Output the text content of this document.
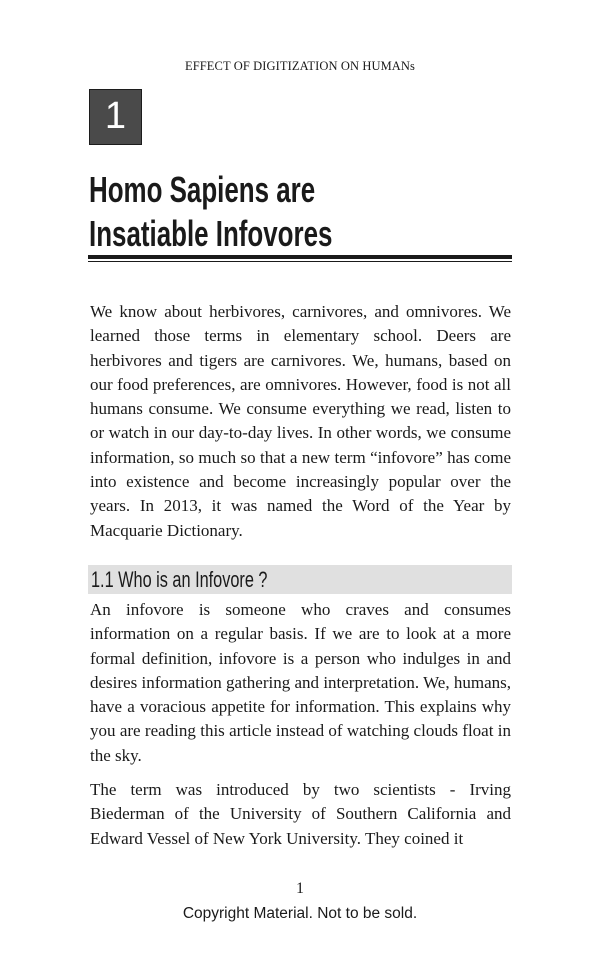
EFFECT OF DIGITIZATION ON HUMANs
1
Homo Sapiens are
Insatiable Infovores

We know about herbivores, carnivores, and omnivores. We learned those terms in elementary school. Deers are herbivores and tigers are carnivores. We, humans, based on our food preferences, are omnivores. However, food is not all humans consume. We consume everything we read, listen to or watch in our day-to-day lives. In other words, we consume information, so much so that a new term “infovore” has come into existence and become increasingly popular over the years. In 2013, it was named the Word of the Year by Macquarie Dictionary.

1.1 Who is an Infovore ?

An infovore is someone who craves and consumes information on a regular basis. If we are to look at a more formal definition, infovore is a person who indulges in and desires information gathering and interpretation. We, humans, have a voracious appetite for information. This explains why you are reading this article instead of watching clouds float in the sky.

The term was introduced by two scientists - Irving Biederman of the University of Southern California and Edward Vessel of New York University. They coined it

1
Copyright Material. Not to be sold.
